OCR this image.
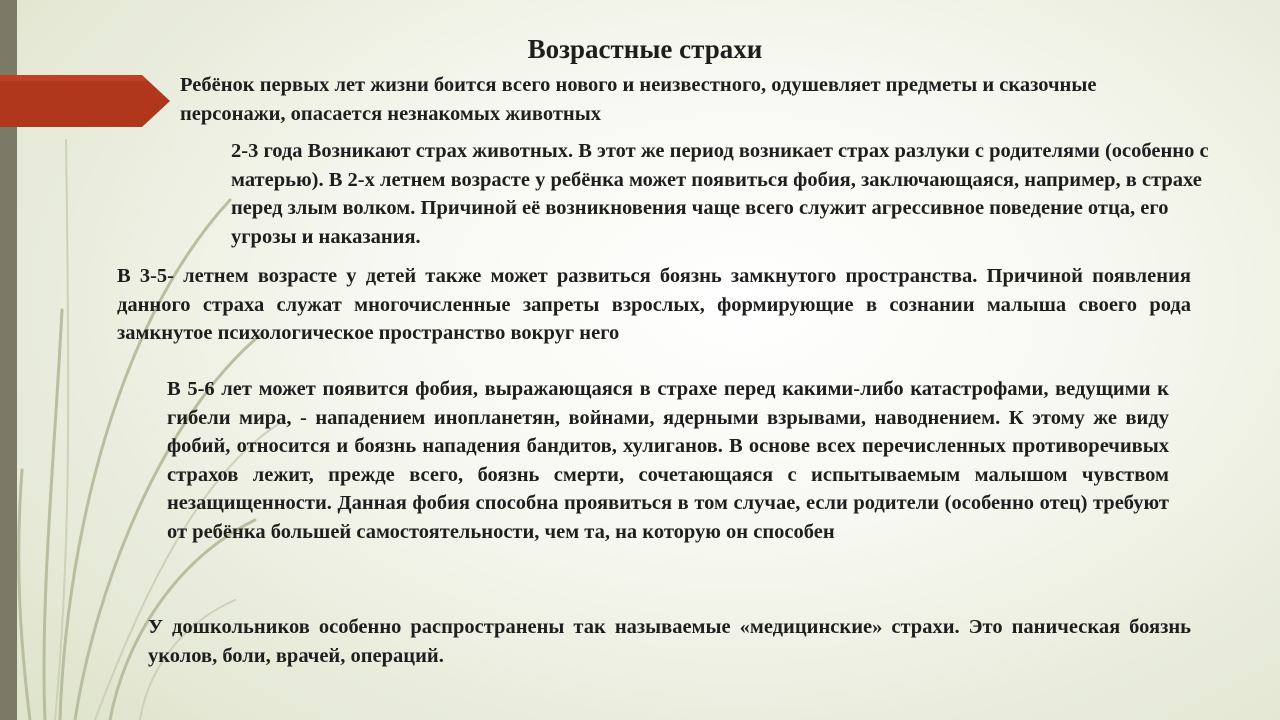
Возрастные страхи

Ребёнок первых лет жизни боится всего нового и неизвестного, одушевляет предметы и сказочные персонажи, опасается незнакомых животных

2-3 года Возникают страх животных. В этот же период возникает страх разлуки с родителями (особенно с матерью). В 2-х летнем возрасте у ребёнка может появиться фобия, заключающаяся, например, в страхе перед злым волком. Причиной её возникновения чаще всего служит агрессивное поведение отца, его угрозы и наказания.

В 3-5- летнем возрасте у детей также может развиться боязнь замкнутого пространства. Причиной появления данного страха служат многочисленные запреты взрослых, формирующие в сознании малыша своего рода замкнутое психологическое пространство вокруг него

В 5-6 лет может появится фобия, выражающаяся в страхе перед какими-либо катастрофами, ведущими к гибели мира, - нападением инопланетян, войнами, ядерными взрывами, наводнением. К этому же виду фобий, относится и боязнь нападения бандитов, хулиганов. В основе всех перечисленных противоречивых страхов лежит, прежде всего, боязнь смерти, сочетающаяся с испытываемым малышом чувством незащищенности. Данная фобия способна проявиться в том случае, если родители (особенно отец) требуют от ребёнка большей самостоятельности, чем та, на которую он способен

У дошкольников особенно распространены так называемые «медицинские» страхи. Это паническая боязнь уколов, боли, врачей, операций.
